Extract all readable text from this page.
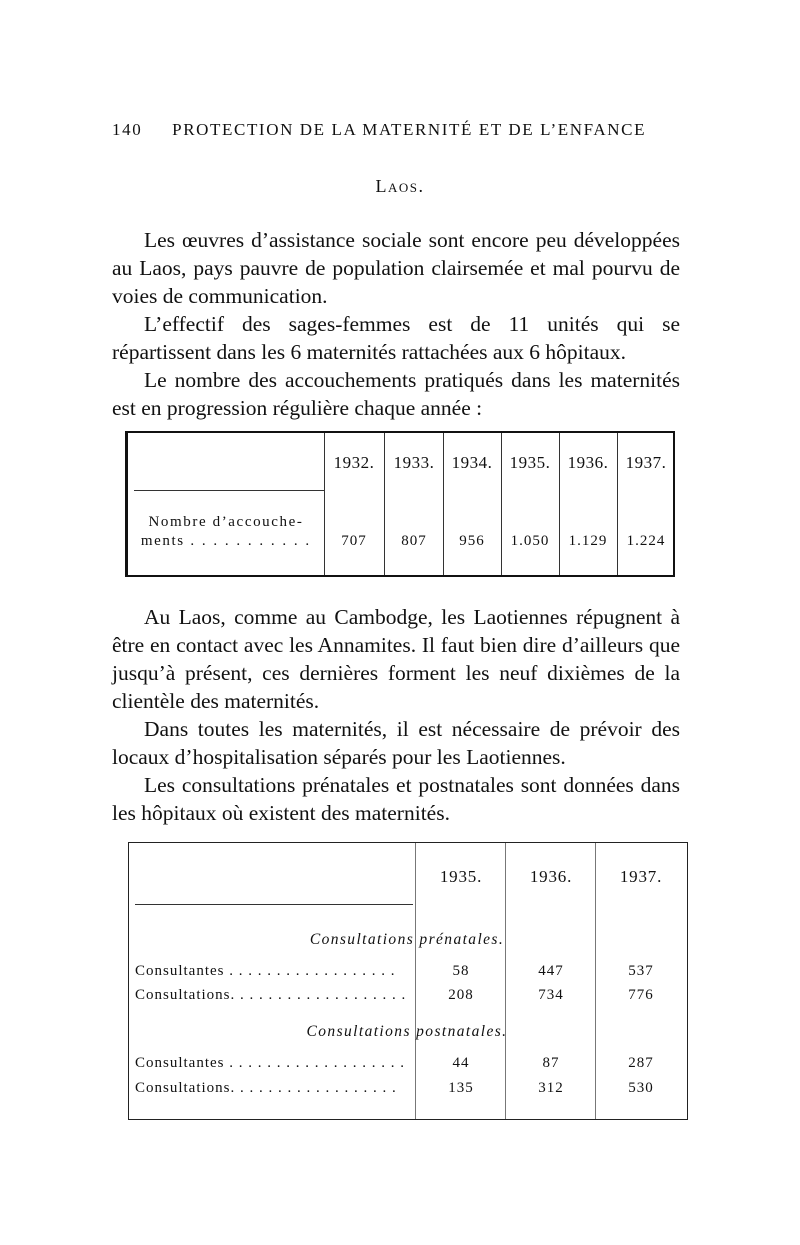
140 PROTECTION DE LA MATERNITÉ ET DE L’ENFANCE
Laos.
Les œuvres d’assistance sociale sont encore peu développées au Laos, pays pauvre de population clairsemée et mal pourvu de voies de communication.
L’effectif des sages-femmes est de 11 unités qui se répartissent dans les 6 maternités rattachées aux 6 hôpitaux.
Le nombre des accouchements pratiqués dans les maternités est en progression régulière chaque année :
1932.	1933.	1934.	1935.	1936.	1937.
Nombre d’accouche-
ments . . . . . . . . . . .	707	807	956	1.050	1.129	1.224
Au Laos, comme au Cambodge, les Laotiennes répugnent à être en contact avec les Annamites. Il faut bien dire d’ailleurs que jusqu’à présent, ces dernières forment les neuf dixièmes de la clientèle des maternités.
Dans toutes les maternités, il est nécessaire de prévoir des locaux d’hospitalisation séparés pour les Laotiennes.
Les consultations prénatales et postnatales sont données dans les hôpitaux où existent des maternités.
1935.	1936.	1937.
Consultations prénatales.
Consultantes . . . . . . . . . . . . . . . . . .	58	447	537
Consultations. . . . . . . . . . . . . . . . . . .	208	734	776
Consultations postnatales.
Consultantes . . . . . . . . . . . . . . . . . . .	44	87	287
Consultations. . . . . . . . . . . . . . . . . .	135	312	530
